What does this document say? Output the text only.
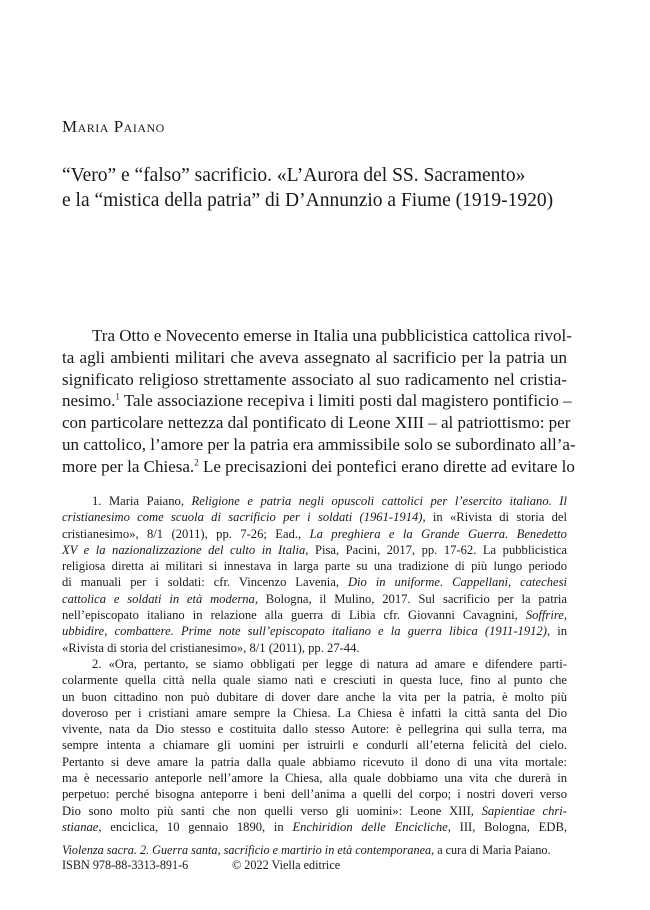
Maria Paiano
“Vero” e “falso” sacrificio. «L’Aurora del SS. Sacramento»
e la “mistica della patria” di D’Annunzio a Fiume (1919-1920)
Tra Otto e Novecento emerse in Italia una pubblicistica cattolica rivol-
ta agli ambienti militari che aveva assegnato al sacrificio per la patria un
significato religioso strettamente associato al suo radicamento nel cristia-
nesimo.$^1$ Tale associazione recepiva i limiti posti dal magistero pontificio –
con particolare nettezza dal pontificato di Leone XIII – al patriottismo: per
un cattolico, l’amore per la patria era ammissibile solo se subordinato all’a-
more per la Chiesa.$^2$ Le precisazioni dei pontefici erano dirette ad evitare lo
1. Maria Paiano, Religione e patria negli opuscoli cattolici per l’esercito italiano. Il
cristianesimo come scuola di sacrificio per i soldati (1961-1914), in «Rivista di storia del
cristianesimo», 8/1 (2011), pp. 7-26; Ead., La preghiera e la Grande Guerra. Benedetto
XV e la nazionalizzazione del culto in Italia, Pisa, Pacini, 2017, pp. 17-62. La pubblicistica
religiosa diretta ai militari si innestava in larga parte su una tradizione di più lungo periodo
di manuali per i soldati: cfr. Vincenzo Lavenia, Dio in uniforme. Cappellani, catechesi
cattolica e soldati in età moderna, Bologna, il Mulino, 2017. Sul sacrificio per la patria
nell’episcopato italiano in relazione alla guerra di Libia cfr. Giovanni Cavagnini, Soffrire,
ubbidire, combattere. Prime note sull’episcopato italiano e la guerra libica (1911-1912), in
«Rivista di storia del cristianesimo», 8/1 (2011), pp. 27-44.
2. «Ora, pertanto, se siamo obbligati per legge di natura ad amare e difendere parti-
colarmente quella città nella quale siamo nati e cresciuti in questa luce, fino al punto che
un buon cittadino non può dubitare di dover dare anche la vita per la patria, è molto più
doveroso per i cristiani amare sempre la Chiesa. La Chiesa è infatti la città santa del Dio
vivente, nata da Dio stesso e costituita dallo stesso Autore: è pellegrina qui sulla terra, ma
sempre intenta a chiamare gli uomini per istruirli e condurli all’eterna felicità del cielo.
Pertanto si deve amare la patria dalla quale abbiamo ricevuto il dono di una vita mortale:
ma è necessario anteporle nell’amore la Chiesa, alla quale dobbiamo una vita che durerà in
perpetuo: perché bisogna anteporre i beni dell’anima a quelli del corpo; i nostri doveri verso
Dio sono molto più santi che non quelli verso gli uomini»: Leone XIII, Sapientiae chri-
stianae, enciclica, 10 gennaio 1890, in Enchiridion delle Encicliche, III, Bologna, EDB,
Violenza sacra. 2. Guerra santa, sacrificio e martirio in età contemporanea, a cura di Maria Paiano.
ISBN 978-88-3313-891-6	© 2022 Viella editrice
